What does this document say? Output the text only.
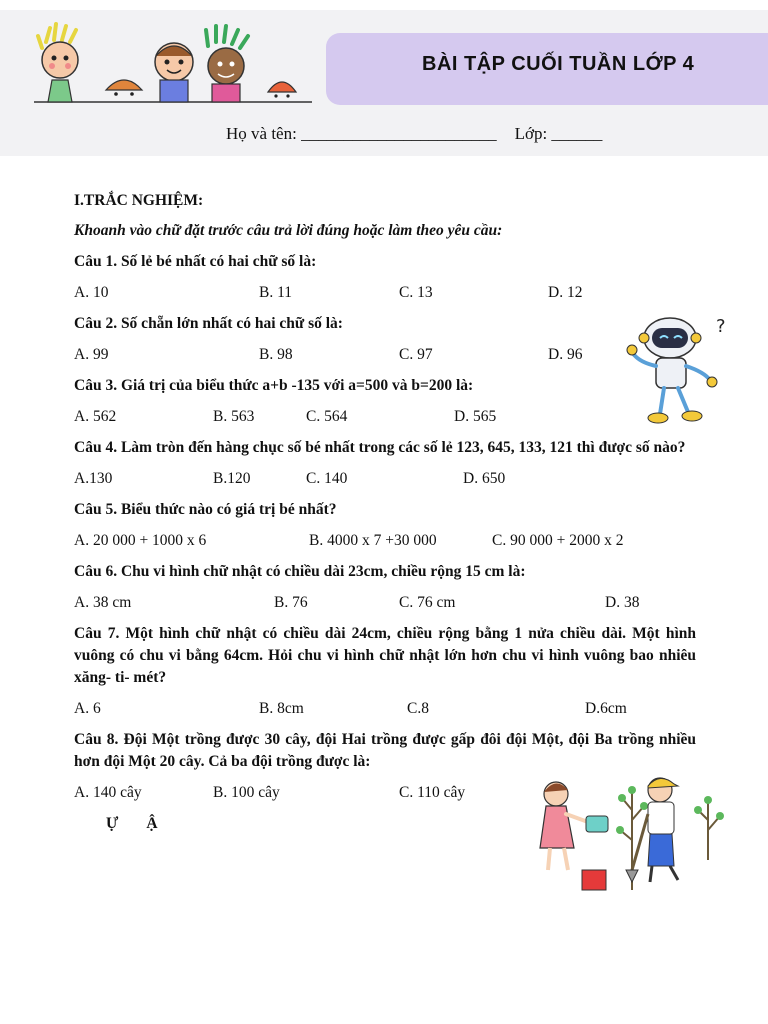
BÀI TẬP CUỐI TUẦN LỚP 4
Họ và tên: _______________________ Lớp: ______
I.TRẮC NGHIỆM:
Khoanh vào chữ đặt trước câu trả lời đúng hoặc làm theo yêu cầu:
Câu 1. Số lẻ bé nhất có hai chữ số là:
A. 10	B. 11	C. 13	D. 12
Câu 2. Số chẵn lớn nhất có hai chữ số là:
A. 99	B. 98	C. 97	D. 96
Câu 3. Giá trị của biểu thức a+b -135 với a=500 và b=200 là:
A. 562	B. 563	C. 564	D. 565
Câu 4. Làm tròn đến hàng chục số bé nhất trong các số lẻ 123, 645, 133, 121 thì được số nào?
A.130	B.120	C. 140	D. 650
Câu 5. Biểu thức nào có giá trị bé nhất?
A. 20 000 + 1000 x 6	B. 4000 x 7 +30 000	C. 90 000 + 2000 x 2
Câu 6. Chu vi hình chữ nhật có chiều dài 23cm, chiều rộng 15 cm là:
A. 38 cm	B. 76	C. 76 cm	D. 38
Câu 7. Một hình chữ nhật có chiều dài 24cm, chiều rộng bằng 1 nửa chiều dài. Một hình vuông có chu vi bằng 64cm. Hỏi chu vi hình chữ nhật lớn hơn chu vi hình vuông bao nhiêu xăng- ti- mét?
A. 6	B. 8cm	C.8	D.6cm
Câu 8. Đội Một trồng được 30 cây, đội Hai trồng được gấp đôi đội Một, đội Ba trồng nhiều hơn đội Một 20 cây. Cả ba đội trồng được là:
A. 140 cây	B. 100 cây	C. 110 cây
Ự Ậ
?
